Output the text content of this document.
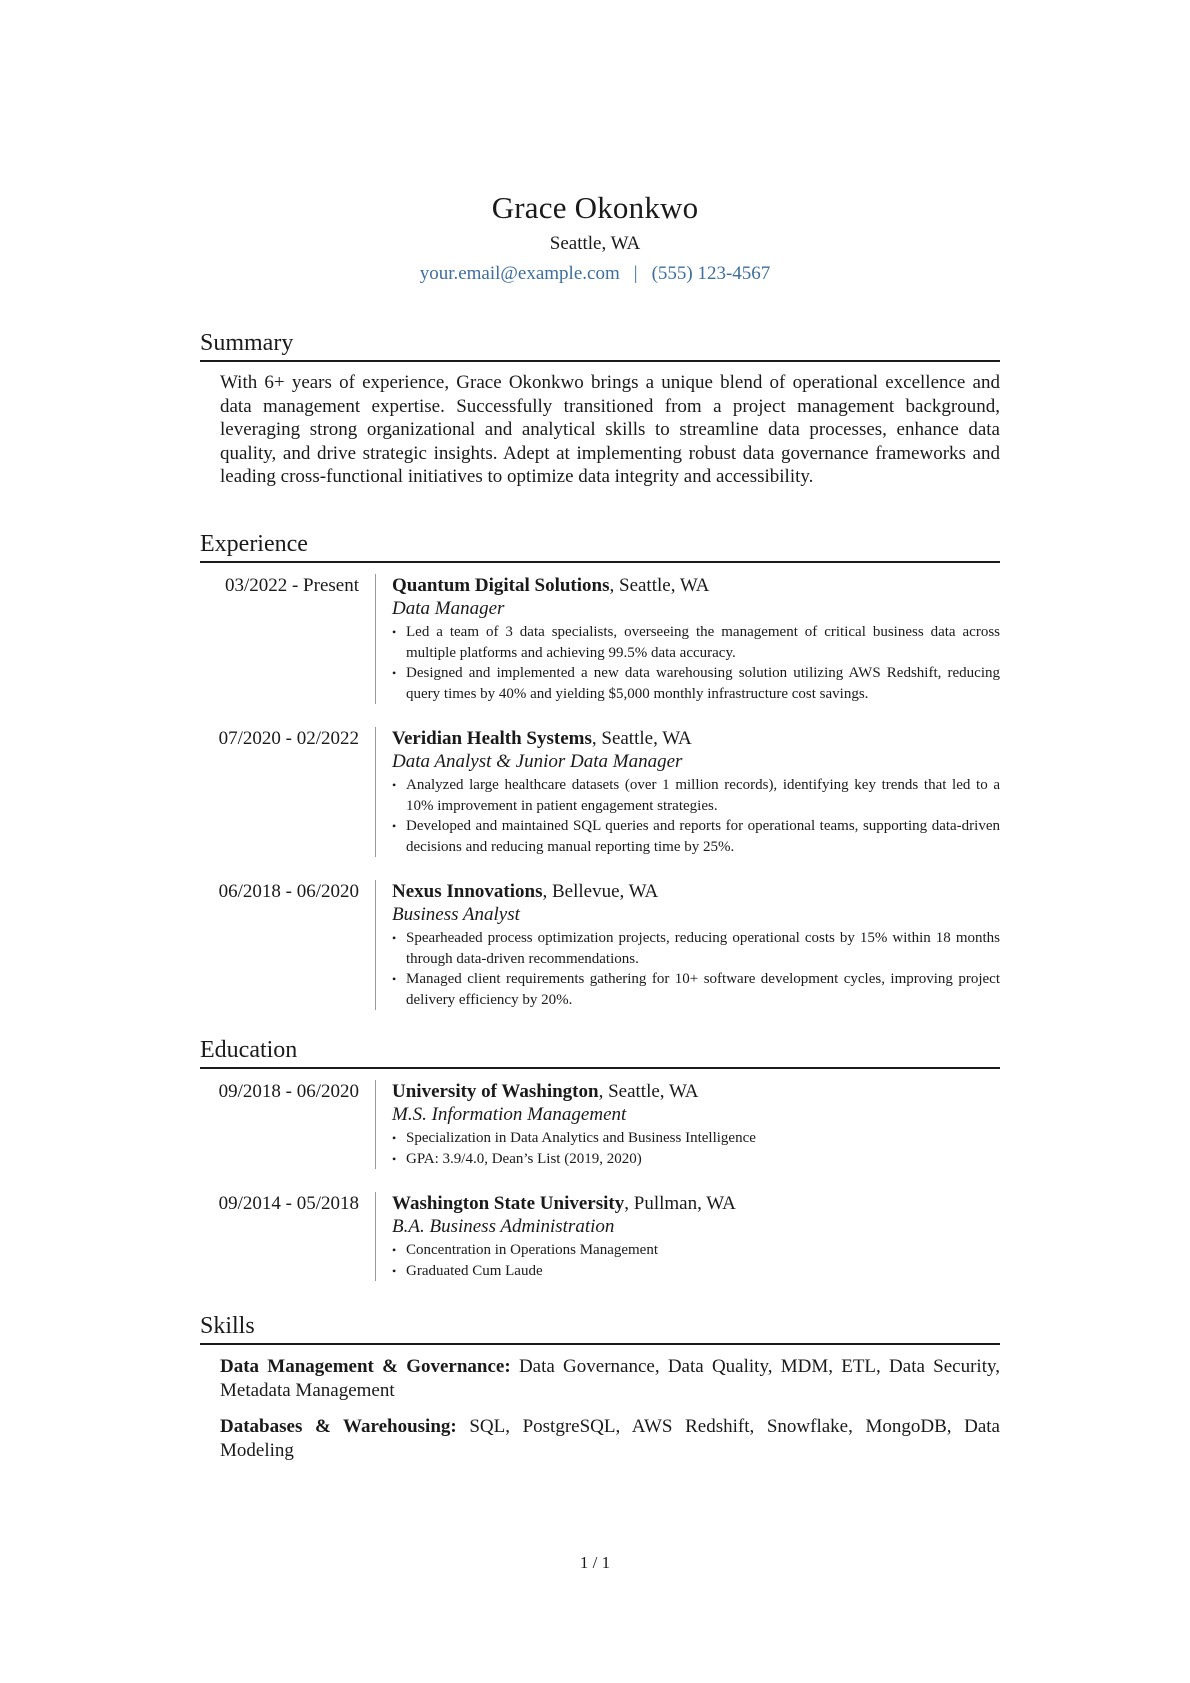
Grace Okonkwo
Seattle, WA
your.email@example.com | (555) 123-4567
Summary
With 6+ years of experience, Grace Okonkwo brings a unique blend of operational excellence and data management expertise. Successfully transitioned from a project management background, leveraging strong organizational and analytical skills to streamline data processes, enhance data quality, and drive strategic insights. Adept at implementing robust data governance frameworks and leading cross-functional initiatives to optimize data integrity and accessibility.
Experience
03/2022 - Present	Quantum Digital Solutions, Seattle, WA
Data Manager
• Led a team of 3 data specialists, overseeing the management of critical business data across multiple platforms and achieving 99.5% data accuracy.
• Designed and implemented a new data warehousing solution utilizing AWS Redshift, reducing query times by 40% and yielding $5,000 monthly infrastructure cost savings.
07/2020 - 02/2022	Veridian Health Systems, Seattle, WA
Data Analyst & Junior Data Manager
• Analyzed large healthcare datasets (over 1 million records), identifying key trends that led to a 10% improvement in patient engagement strategies.
• Developed and maintained SQL queries and reports for operational teams, supporting data-driven decisions and reducing manual reporting time by 25%.
06/2018 - 06/2020	Nexus Innovations, Bellevue, WA
Business Analyst
• Spearheaded process optimization projects, reducing operational costs by 15% within 18 months through data-driven recommendations.
• Managed client requirements gathering for 10+ software development cycles, improving project delivery efficiency by 20%.
Education
09/2018 - 06/2020	University of Washington, Seattle, WA
M.S. Information Management
• Specialization in Data Analytics and Business Intelligence
• GPA: 3.9/4.0, Dean’s List (2019, 2020)
09/2014 - 05/2018	Washington State University, Pullman, WA
B.A. Business Administration
• Concentration in Operations Management
• Graduated Cum Laude
Skills
Data Management & Governance: Data Governance, Data Quality, MDM, ETL, Data Security, Metadata Management
Databases & Warehousing: SQL, PostgreSQL, AWS Redshift, Snowflake, MongoDB, Data Modeling
1 / 1
